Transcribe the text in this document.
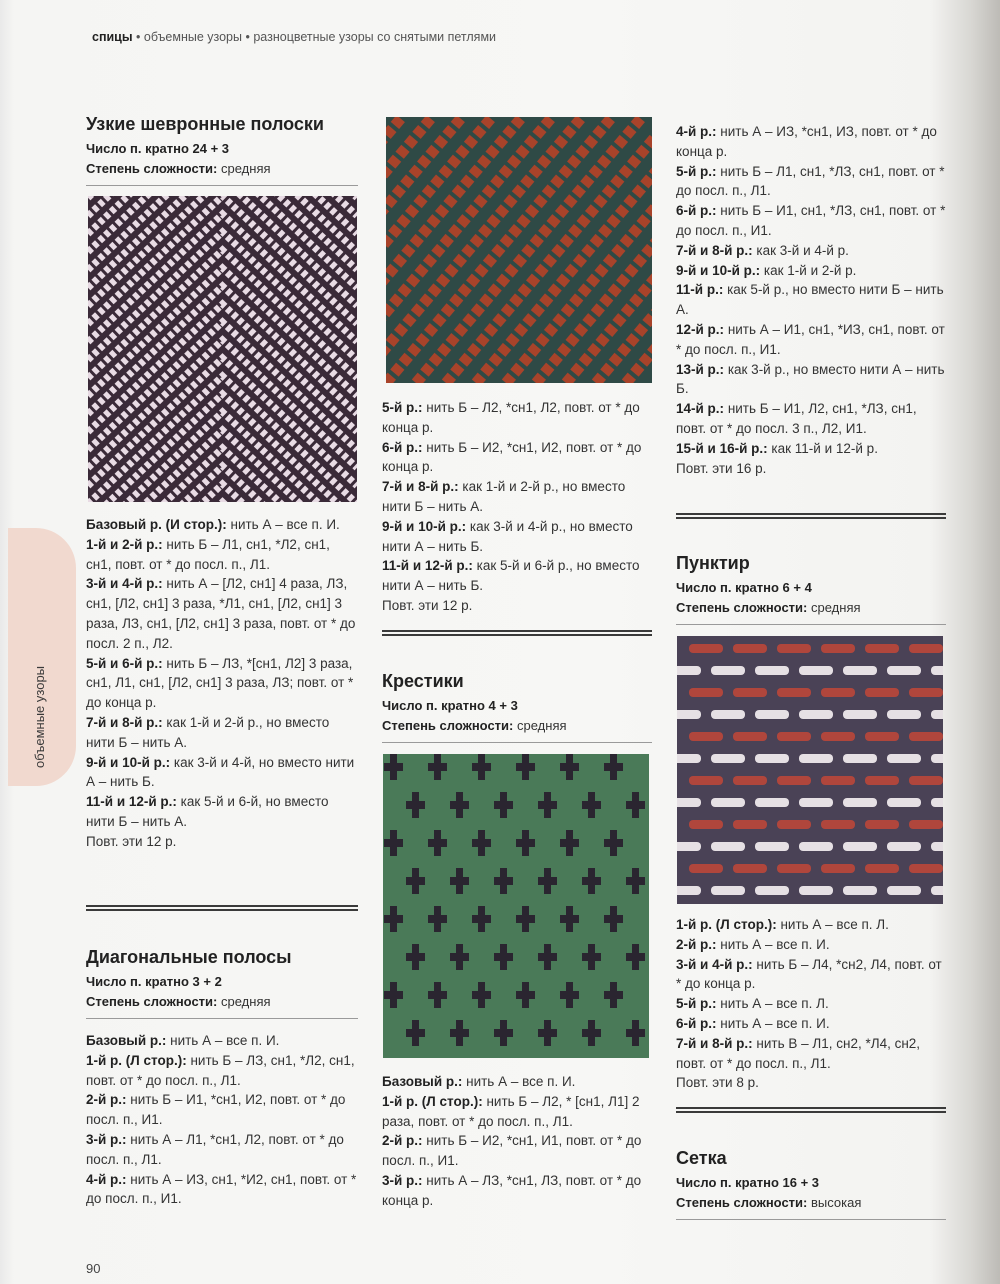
спицы • объемные узоры • разноцветные узоры со снятыми петлями
объемные узоры
Узкие шевронные полоски
Число п. кратно 24 + 3
Степень сложности: средняя

Базовый р. (И стор.): нить А – все п. И.

1-й и 2-й р.: нить Б – Л1, сн1, *Л2, сн1, сн1, повт. от * до посл. п., Л1.

3-й и 4-й р.: нить А – [Л2, сн1] 4 раза, ЛЗ, сн1, [Л2, сн1] 3 раза, *Л1, сн1, [Л2, сн1] 3 раза, ЛЗ, сн1, [Л2, сн1] 3 раза, повт. от * до посл. 2 п., Л2.

5-й и 6-й р.: нить Б – ЛЗ, *[сн1, Л2] 3 раза, сн1, Л1, сн1, [Л2, сн1] 3 раза, ЛЗ; повт. от * до конца р.

7-й и 8-й р.: как 1-й и 2-й р., но вместо нити Б – нить А.

9-й и 10-й р.: как 3-й и 4-й, но вместо нити А – нить Б.

11-й и 12-й р.: как 5-й и 6-й, но вместо нити Б – нить А.

Повт. эти 12 р.

Диагональные полосы
Число п. кратно 3 + 2
Степень сложности: средняя

Базовый р.: нить А – все п. И.

1-й р. (Л стор.): нить Б – ЛЗ, сн1, *Л2, сн1, повт. от * до посл. п., Л1.

2-й р.: нить Б – И1, *сн1, И2, повт. от * до посл. п., И1.

3-й р.: нить А – Л1, *сн1, Л2, повт. от * до посл. п., Л1.

4-й р.: нить А – ИЗ, сн1, *И2, сн1, повт. от * до посл. п., И1.

5-й р.: нить Б – Л2, *сн1, Л2, повт. от * до конца р.

6-й р.: нить Б – И2, *сн1, И2, повт. от * до конца р.

7-й и 8-й р.: как 1-й и 2-й р., но вместо нити Б – нить А.

9-й и 10-й р.: как 3-й и 4-й р., но вместо нити А – нить Б.

11-й и 12-й р.: как 5-й и 6-й р., но вместо нити А – нить Б.

Повт. эти 12 р.

Крестики
Число п. кратно 4 + 3
Степень сложности: средняя

Базовый р.: нить А – все п. И.

1-й р. (Л стор.): нить Б – Л2, * [сн1, Л1] 2 раза, повт. от * до посл. п., Л1.

2-й р.: нить Б – И2, *сн1, И1, повт. от * до посл. п., И1.

3-й р.: нить А – ЛЗ, *сн1, ЛЗ, повт. от * до конца р.

4-й р.: нить А – ИЗ, *сн1, ИЗ, повт. от * до конца р.

5-й р.: нить Б – Л1, сн1, *ЛЗ, сн1, повт. от * до посл. п., Л1.

6-й р.: нить Б – И1, сн1, *ЛЗ, сн1, повт. от * до посл. п., И1.

7-й и 8-й р.: как 3-й и 4-й р.

9-й и 10-й р.: как 1-й и 2-й р.

11-й р.: как 5-й р., но вместо нити Б – нить А.

12-й р.: нить А – И1, сн1, *ИЗ, сн1, повт. от * до посл. п., И1.

13-й р.: как 3-й р., но вместо нити А – нить Б.

14-й р.: нить Б – И1, Л2, сн1, *ЛЗ, сн1, повт. от * до посл. 3 п., Л2, И1.

15-й и 16-й р.: как 11-й и 12-й р.

Повт. эти 16 р.

Пунктир
Число п. кратно 6 + 4
Степень сложности: средняя

1-й р. (Л стор.): нить А – все п. Л.

2-й р.: нить А – все п. И.

3-й и 4-й р.: нить Б – Л4, *сн2, Л4, повт. от * до конца р.

5-й р.: нить А – все п. Л.

6-й р.: нить А – все п. И.

7-й и 8-й р.: нить В – Л1, сн2, *Л4, сн2, повт. от * до посл. п., Л1.

Повт. эти 8 р.

Сетка
Число п. кратно 16 + 3
Степень сложности: высокая
90
